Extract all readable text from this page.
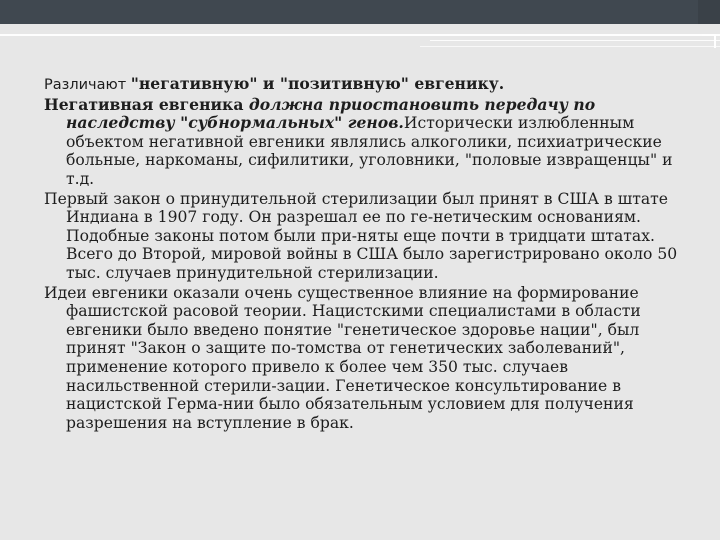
Различают "негативную" и "позитивную" евгенику.

Негативная евгеника должна приостановить передачу по наследству "субнормальных" генов.Исторически излюбленным объектом негативной евгеники являлись алкоголики, психиатрические больные, наркоманы, сифилитики, уголовники, "половые извращенцы" и т.д.

Первый закон о принудительной стерилизации был принят в США в штате Индиана в 1907 году. Он разрешал ее по ге-нетическим основаниям. Подобные законы потом были при-няты еще почти в тридцати штатах. Всего до Второй, мировой войны в США было зарегистрировано около 50 тыс. случаев принудительной стерилизации.

Идеи евгеники оказали очень существенное влияние на формирование фашистской расовой теории. Нацистскими специалистами в области евгеники было введено понятие "генетическое здоровье нации", был принят "Закон о защите по-томства от генетических заболеваний", применение которого привело к более чем 350 тыс. случаев насильственной стерили-зации. Генетическое консультирование в нацистской Герма-нии было обязательным условием для получения разрешения на вступление в брак.
